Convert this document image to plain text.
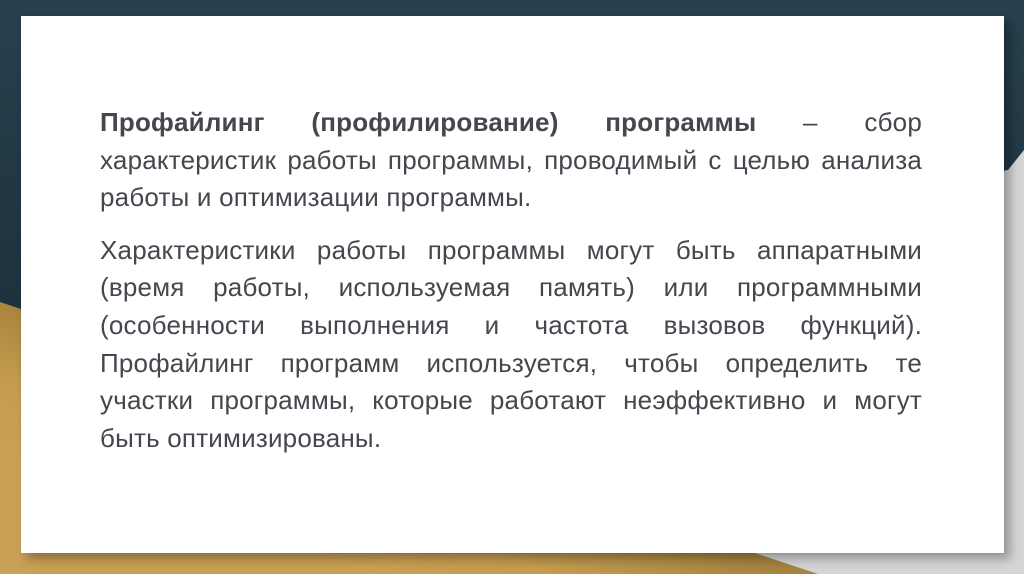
Профайлинг (профилирование) программы – сбор
характеристик работы программы, проводимый с целью анализа
работы и оптимизации программы.
Характеристики работы программы могут быть аппаратными
(время работы, используемая память) или программными
(особенности выполнения и частота вызовов функций).
Профайлинг программ используется, чтобы определить те
участки программы, которые работают неэффективно и могут
быть оптимизированы.
